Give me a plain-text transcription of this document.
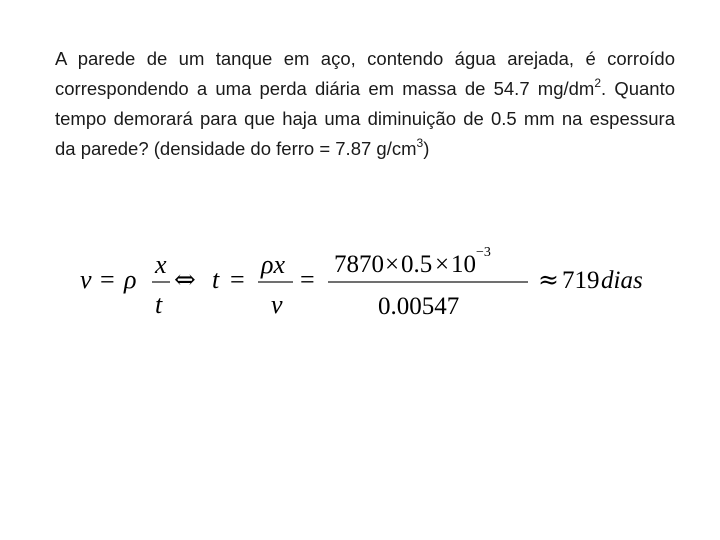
A parede de um tanque em aço, contendo água arejada, é corroído correspondendo a uma perda diária em massa de 54.7 $mg/dm^2$. Quanto tempo demorará para que haja uma diminuição de 0.5 mm na espessura da parede? (densidade do ferro = 7.87 $g/cm^3$)

v = ρ
x
t
⇔ t =
ρx
v
=
7870 × 0.5 × 10 −3
0.00547
≈ 719 dias
